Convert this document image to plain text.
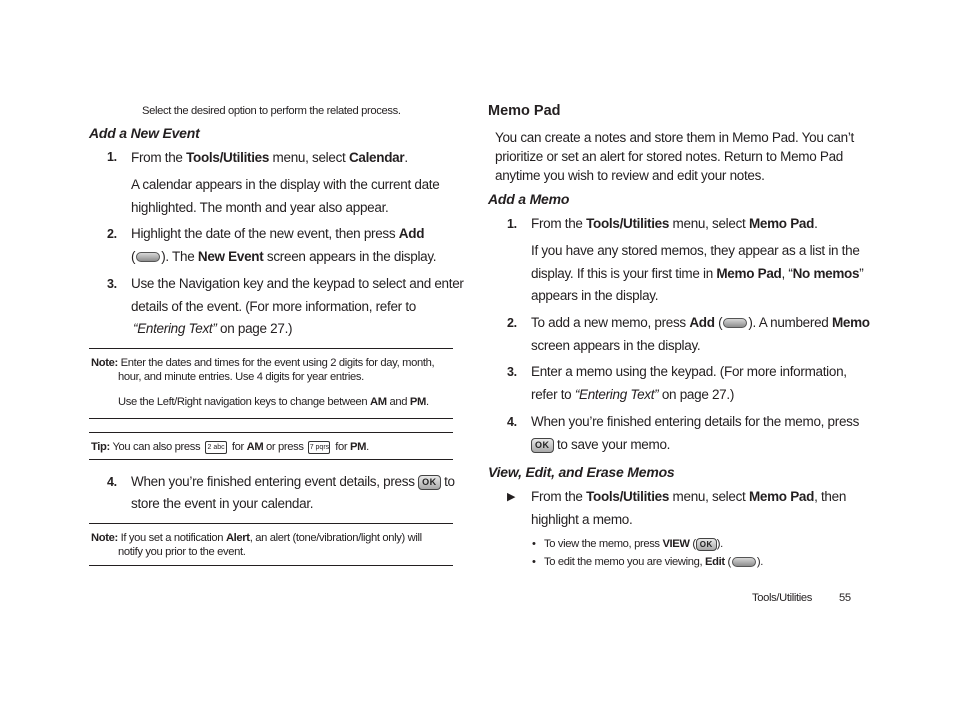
Select the desired option to perform the related process.
Add a New Event
1. From the Tools/Utilities menu, select Calendar.
A calendar appears in the display with the current date
highlighted. The month and year also appear.
2. Highlight the date of the new event, then press Add
( ). The New Event screen appears in the display.
3. Use the Navigation key and the keypad to select and enter
details of the event. (For more information, refer to
“Entering Text” on page 27.)
Note: Enter the dates and times for the event using 2 digits for day, month,
hour, and minute entries. Use 4 digits for year entries.
Use the Left/Right navigation keys to change between AM and PM.
Tip: You can also press 2 abc for AM or press 7 pqrs for PM.
4. When you’re finished entering event details, press OK to
store the event in your calendar.
Note: If you set a notification Alert, an alert (tone/vibration/light only) will
notify you prior to the event.
Memo Pad
You can create a notes and store them in Memo Pad. You can’t
prioritize or set an alert for stored notes. Return to Memo Pad
anytime you wish to review and edit your notes.
Add a Memo
1. From the Tools/Utilities menu, select Memo Pad.
If you have any stored memos, they appear as a list in the
display. If this is your first time in Memo Pad, “No memos”
appears in the display.
2. To add a new memo, press Add ( ). A numbered Memo
screen appears in the display.
3. Enter a memo using the keypad. (For more information,
refer to “Entering Text” on page 27.)
4. When you’re finished entering details for the memo, press
OK to save your memo.
View, Edit, and Erase Memos
▶ From the Tools/Utilities menu, select Memo Pad, then
highlight a memo.
• To view the memo, press VIEW ( OK ).
• To edit the memo you are viewing, Edit ( ).
Tools/Utilities 55
